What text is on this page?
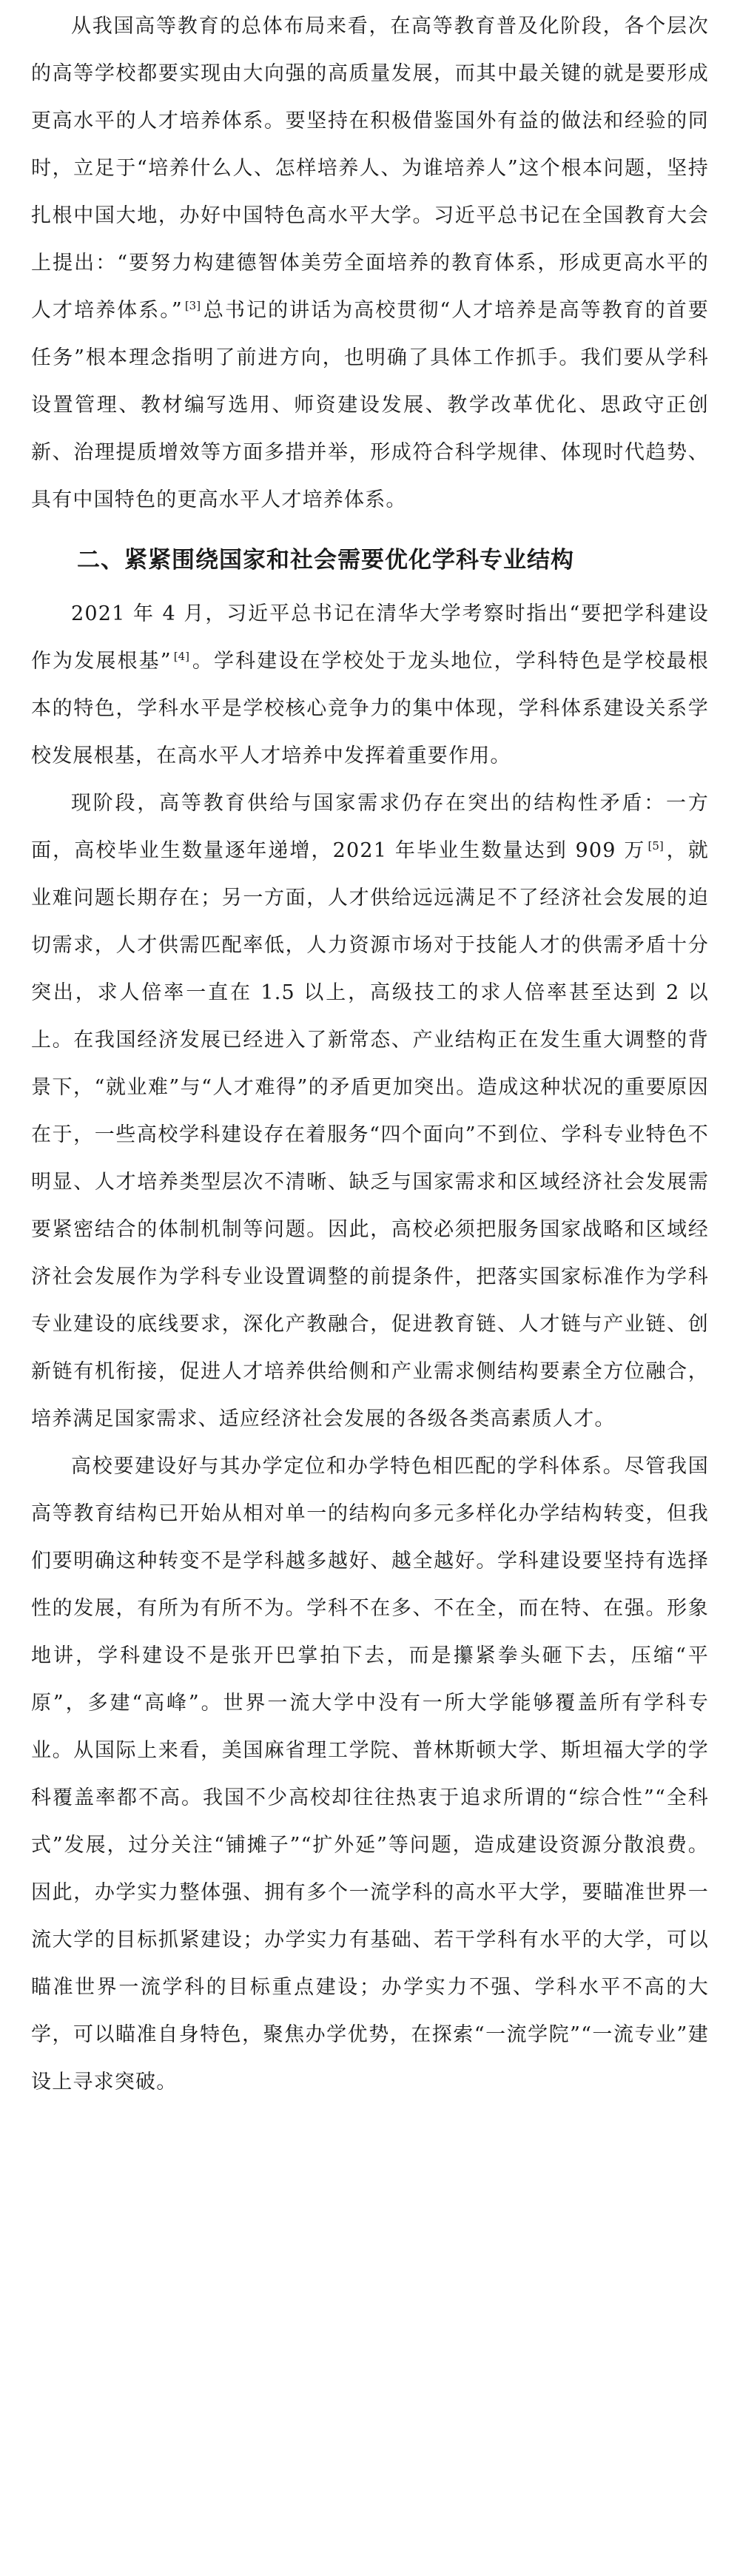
从我国高等教育的总体布局来看，在高等教育普及化阶段，各个层次的高等学校都要实现由大向强的高质量发展，而其中最关键的就是要形成更高水平的人才培养体系。要坚持在积极借鉴国外有益的做法和经验的同时，立足于“培养什么人、怎样培养人、为谁培养人”这个根本问题，坚持扎根中国大地，办好中国特色高水平大学。习近平总书记在全国教育大会上提出：“要努力构建德智体美劳全面培养的教育体系，形成更高水平的人才培养体系。” [3] 总书记的讲话为高校贯彻“人才培养是高等教育的首要任务”根本理念指明了前进方向，也明确了具体工作抓手。我们要从学科设置管理、教材编写选用、师资建设发展、教学改革优化、思政守正创新、治理提质增效等方面多措并举，形成符合科学规律、体现时代趋势、具有中国特色的更高水平人才培养体系。

二、紧紧围绕国家和社会需要优化学科专业结构

2021 年 4 月，习近平总书记在清华大学考察时指出“要把学科建设作为发展根基” [4] 。学科建设在学校处于龙头地位，学科特色是学校最根本的特色，学科水平是学校核心竞争力的集中体现，学科体系建设关系学校发展根基，在高水平人才培养中发挥着重要作用。

现阶段，高等教育供给与国家需求仍存在突出的结构性矛盾：一方面，高校毕业生数量逐年递增，2021 年毕业生数量达到 909 万 [5] ，就业难问题长期存在；另一方面，人才供给远远满足不了经济社会发展的迫切需求，人才供需匹配率低，人力资源市场对于技能人才的供需矛盾十分突出，求人倍率一直在 1.5 以上，高级技工的求人倍率甚至达到 2 以上。在我国经济发展已经进入了新常态、产业结构正在发生重大调整的背景下，“就业难”与“人才难得”的矛盾更加突出。造成这种状况的重要原因在于，一些高校学科建设存在着服务“四个面向”不到位、学科专业特色不明显、人才培养类型层次不清晰、缺乏与国家需求和区域经济社会发展需要紧密结合的体制机制等问题。因此，高校必须把服务国家战略和区域经济社会发展作为学科专业设置调整的前提条件，把落实国家标准作为学科专业建设的底线要求，深化产教融合，促进教育链、人才链与产业链、创新链有机衔接，促进人才培养供给侧和产业需求侧结构要素全方位融合，培养满足国家需求、适应经济社会发展的各级各类高素质人才。

高校要建设好与其办学定位和办学特色相匹配的学科体系。尽管我国高等教育结构已开始从相对单一的结构向多元多样化办学结构转变，但我们要明确这种转变不是学科越多越好、越全越好。学科建设要坚持有选择性的发展，有所为有所不为。学科不在多、不在全，而在特、在强。形象地讲，学科建设不是张开巴掌拍下去，而是攥紧拳头砸下去，压缩“平原”，多建“高峰”。世界一流大学中没有一所大学能够覆盖所有学科专业。从国际上来看，美国麻省理工学院、普林斯顿大学、斯坦福大学的学科覆盖率都不高。我国不少高校却往往热衷于追求所谓的“综合性”“全科式”发展，过分关注“铺摊子”“扩外延”等问题，造成建设资源分散浪费。因此，办学实力整体强、拥有多个一流学科的高水平大学，要瞄准世界一流大学的目标抓紧建设；办学实力有基础、若干学科有水平的大学，可以瞄准世界一流学科的目标重点建设；办学实力不强、学科水平不高的大学，可以瞄准自身特色，聚焦办学优势，在探索“一流学院”“一流专业”建设上寻求突破。
